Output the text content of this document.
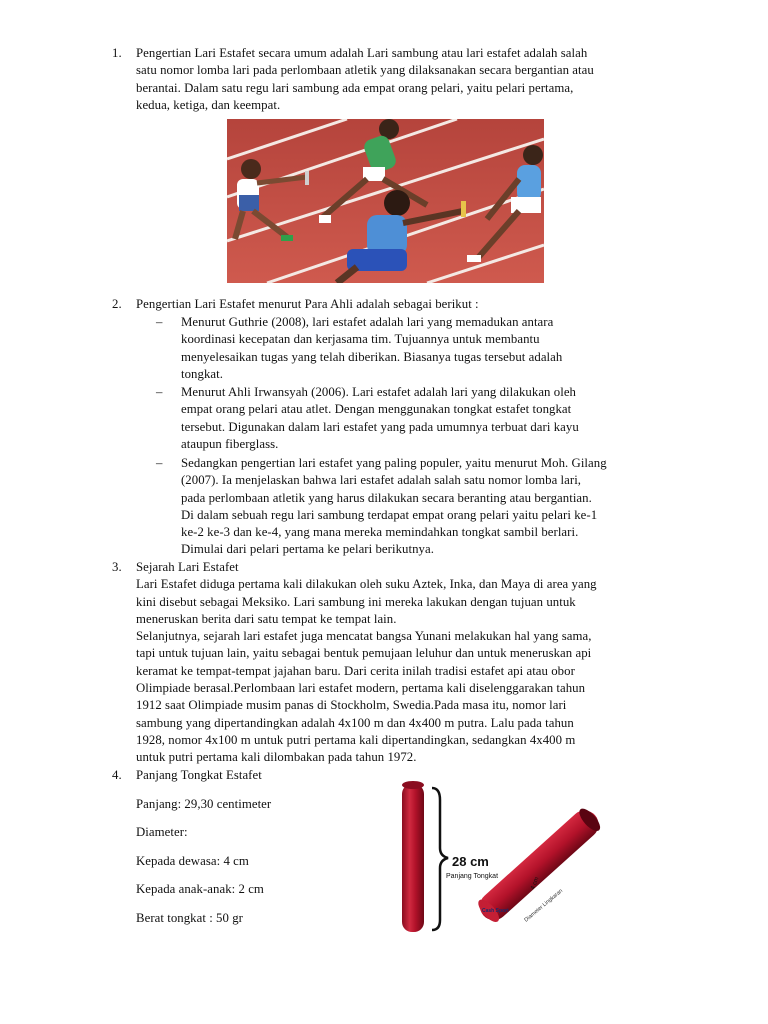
1.	Pengertian Lari Estafet secara umum adalah Lari sambung atau lari estafet adalah salah
satu nomor lomba lari pada perlombaan atletik yang dilaksanakan secara bergantian atau
berantai. Dalam satu regu lari sambung ada empat orang pelari, yaitu pelari pertama,
kedua, ketiga, dan keempat.
2.	Pengertian Lari Estafet menurut Para Ahli adalah sebagai berikut :
–	Menurut Guthrie (2008), lari estafet adalah lari yang memadukan antara
koordinasi kecepatan dan kerjasama tim. Tujuannya untuk membantu
menyelesaikan tugas yang telah diberikan. Biasanya tugas tersebut adalah
tongkat.
–	Menurut Ahli Irwansyah (2006). Lari estafet adalah lari yang dilakukan oleh
empat orang pelari atau atlet. Dengan menggunakan tongkat estafet tongkat
tersebut. Digunakan dalam lari estafet yang pada umumnya terbuat dari kayu
ataupun fiberglass.
–	Sedangkan pengertian lari estafet yang paling populer, yaitu menurut Moh. Gilang
(2007). Ia menjelaskan bahwa lari estafet adalah salah satu nomor lomba lari,
pada perlombaan atletik yang harus dilakukan secara beranting atau bergantian.
Di dalam sebuah regu lari sambung terdapat empat orang pelari yaitu pelari ke-1
ke-2 ke-3 dan ke-4, yang mana mereka memindahkan tongkat sambil berlari.
Dimulai dari pelari pertama ke pelari berikutnya.
3.	Sejarah Lari Estafet
Lari Estafet diduga pertama kali dilakukan oleh suku Aztek, Inka, dan Maya di area yang
kini disebut sebagai Meksiko. Lari sambung ini mereka lakukan dengan tujuan untuk
meneruskan berita dari satu tempat ke tempat lain.
Selanjutnya, sejarah lari estafet juga mencatat bangsa Yunani melakukan hal yang sama,
tapi untuk tujuan lain, yaitu sebagai bentuk pemujaan leluhur dan untuk meneruskan api
keramat ke tempat-tempat jajahan baru. Dari cerita inilah tradisi estafet api atau obor
Olimpiade berasal.Perlombaan lari estafet modern, pertama kali diselenggarakan tahun
1912 saat Olimpiade musim panas di Stockholm, Swedia.Pada masa itu, nomor lari
sambung yang dipertandingkan adalah 4x100 m dan 4x400 m putra. Lalu pada tahun
1928, nomor 4x100 m untuk putri pertama kali dipertandingkan, sedangkan 4x400 m
untuk putri pertama kali dilombakan pada tahun 1972.
4.	Panjang Tongkat Estafet
Panjang: 29,30 centimeter
Diameter:
Kepada dewasa: 4 cm
Kepada anak-anak: 2 cm
Berat tongkat : 50 gr
28 cm
Panjang Tongkat	4 cm
Diameter Lingkaran
Cash Sport
